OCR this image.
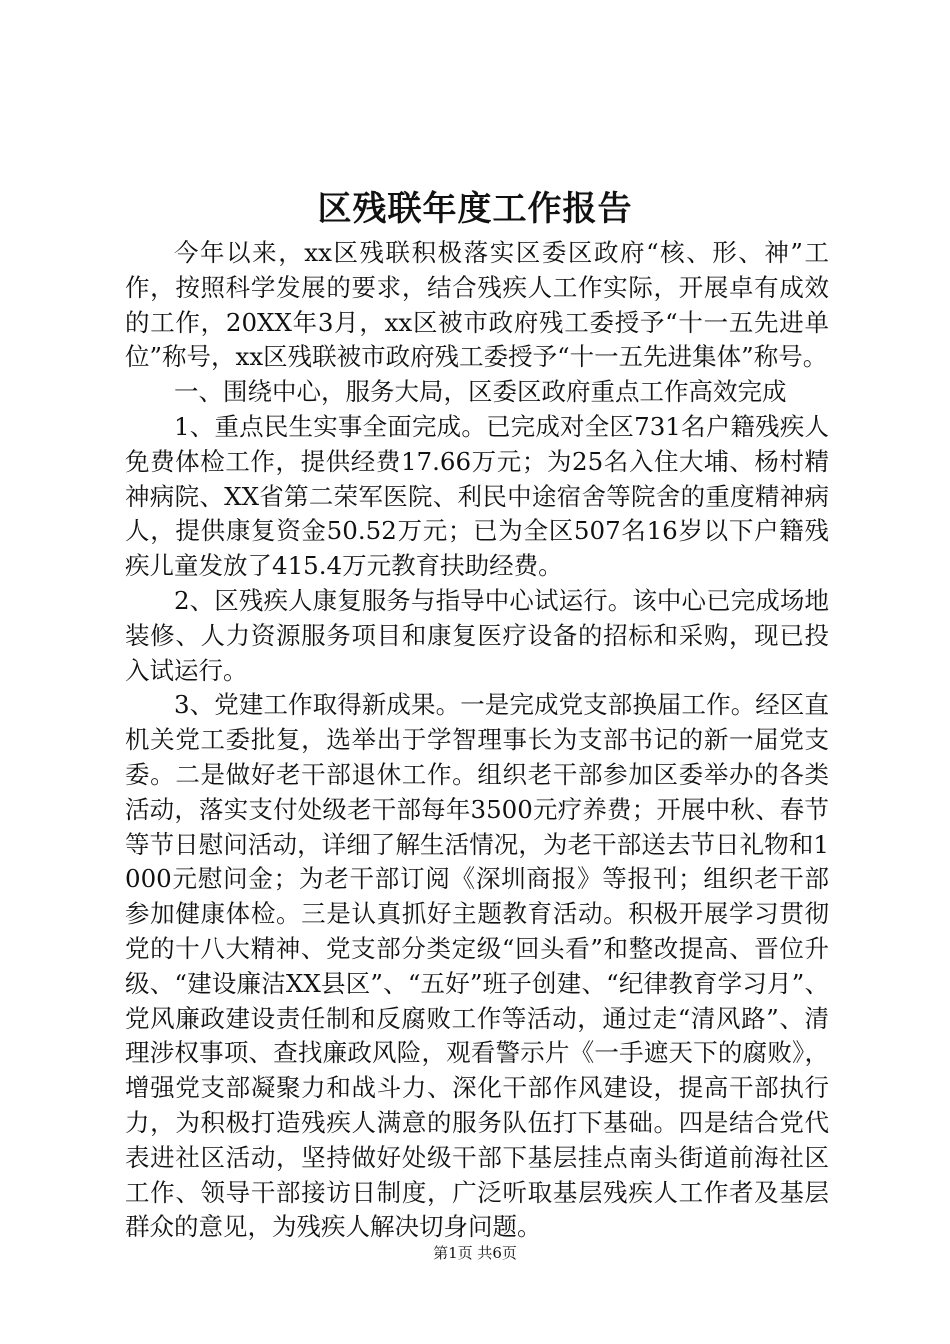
区残联年度工作报告

今年以来，xx区残联积极落实区委区政府“核、形、神”工作，按照科学发展的要求，结合残疾人工作实际，开展卓有成效的工作，20XX年3月，xx区被市政府残工委授予“十一五先进单位”称号，xx区残联被市政府残工委授予“十一五先进集体”称号。

一、围绕中心，服务大局，区委区政府重点工作高效完成

1、重点民生实事全面完成。已完成对全区731名户籍残疾人免费体检工作，提供经费17.66万元；为25名入住大埔、杨村精神病院、XX省第二荣军医院、利民中途宿舍等院舍的重度精神病人，提供康复资金50.52万元；已为全区507名16岁以下户籍残疾儿童发放了415.4万元教育扶助经费。

2、区残疾人康复服务与指导中心试运行。该中心已完成场地装修、人力资源服务项目和康复医疗设备的招标和采购，现已投入试运行。

3、党建工作取得新成果。一是完成党支部换届工作。经区直机关党工委批复，选举出于学智理事长为支部书记的新一届党支委。二是做好老干部退休工作。组织老干部参加区委举办的各类活动，落实支付处级老干部每年3500元疗养费；开展中秋、春节等节日慰问活动，详细了解生活情况，为老干部送去节日礼物和1000元慰问金；为老干部订阅《深圳商报》等报刊；组织老干部参加健康体检。三是认真抓好主题教育活动。积极开展学习贯彻党的十八大精神、党支部分类定级“回头看”和整改提高、晋位升级、“建设廉洁XX县区”、“五好”班子创建、“纪律教育学习月”、党风廉政建设责任制和反腐败工作等活动，通过走“清风路”、清理涉权事项、查找廉政风险，观看警示片《一手遮天下的腐败》，增强党支部凝聚力和战斗力、深化干部作风建设，提高干部执行力，为积极打造残疾人满意的服务队伍打下基础。四是结合党代表进社区活动，坚持做好处级干部下基层挂点南头街道前海社区工作、领导干部接访日制度，广泛听取基层残疾人工作者及基层群众的意见，为残疾人解决切身问题。

第1页 共6页
